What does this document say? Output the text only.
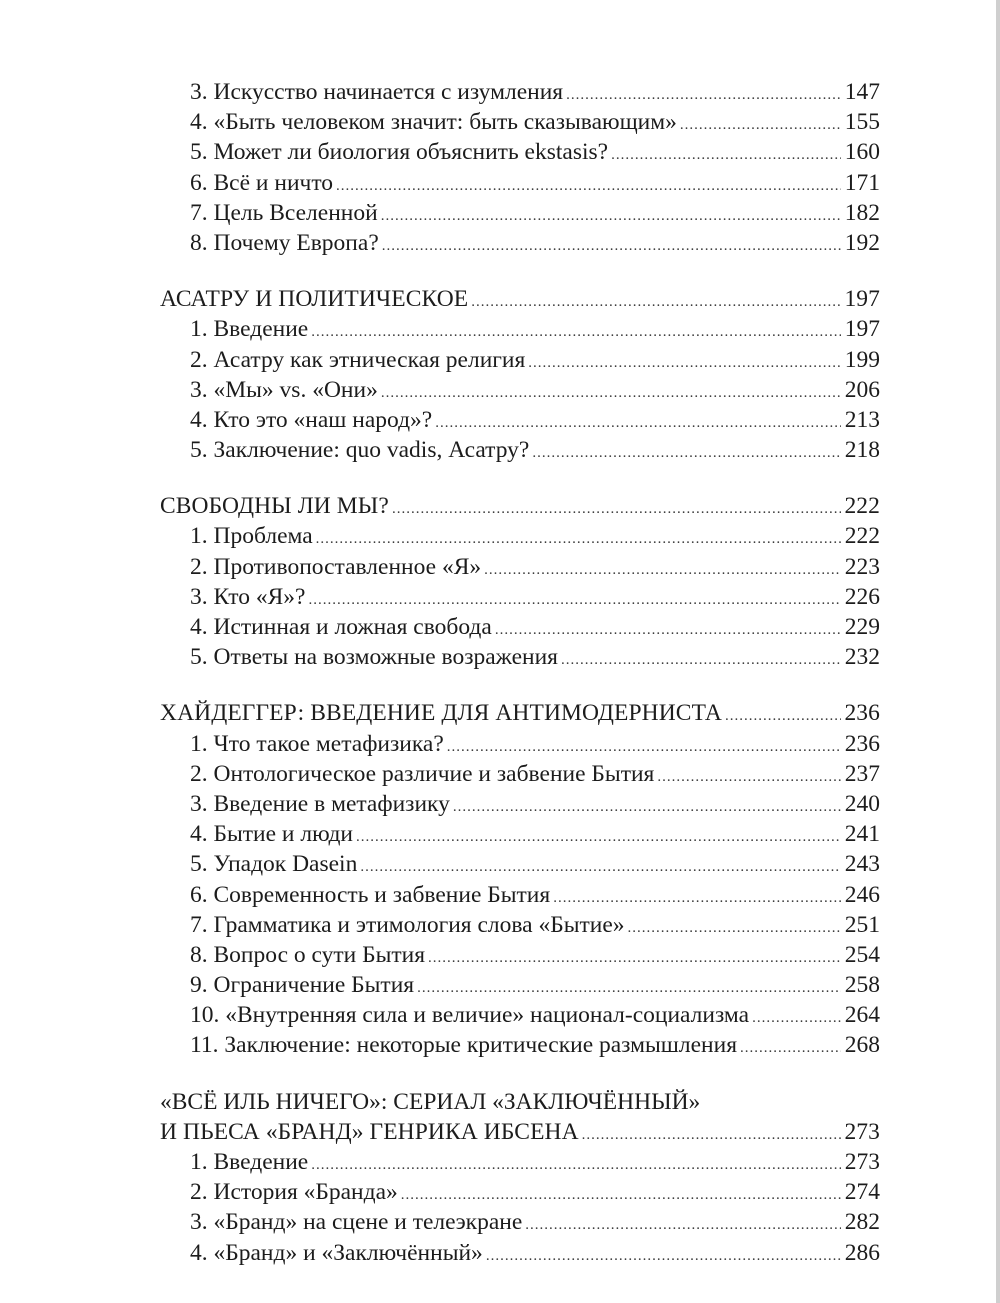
3. Искусство начинается с изумления .....	147
4. «Быть человеком значит: быть сказывающим» .....	155
5. Может ли биология объяснить ekstasis? .....	160
6. Всё и ничто .....	171
7. Цель Вселенной .....	182
8. Почему Европа? .....	192
АСАТРУ И ПОЛИТИЧЕСКОЕ .....	197
1. Введение .....	197
2. Асатру как этническая религия .....	199
3. «Мы» vs. «Они» .....	206
4. Кто это «наш народ»? .....	213
5. Заключение: quo vadis, Асатру? .....	218
СВОБОДНЫ ЛИ МЫ? .....	222
1. Проблема .....	222
2. Противопоставленное «Я» .....	223
3. Кто «Я»? .....	226
4. Истинная и ложная свобода .....	229
5. Ответы на возможные возражения .....	232
ХАЙДЕГГЕР: ВВЕДЕНИЕ ДЛЯ АНТИМОДЕРНИСТА .....	236
1. Что такое метафизика? .....	236
2. Онтологическое различие и забвение Бытия .....	237
3. Введение в метафизику .....	240
4. Бытие и люди .....	241
5. Упадок Dasein .....	243
6. Современность и забвение Бытия .....	246
7. Грамматика и этимология слова «Бытие» .....	251
8. Вопрос о сути Бытия .....	254
9. Ограничение Бытия .....	258
10. «Внутренняя сила и величие» национал-социализма .....	264
11. Заключение: некоторые критические размышления .....	268
«ВСЁ ИЛЬ НИЧЕГО»: СЕРИАЛ «ЗАКЛЮЧЁННЫЙ»
И ПЬЕСА «БРАНД» ГЕНРИКА ИБСЕНА .....	273
1. Введение .....	273
2. История «Бранда» .....	274
3. «Бранд» на сцене и телеэкране .....	282
4. «Бранд» и «Заключённый» .....	286
